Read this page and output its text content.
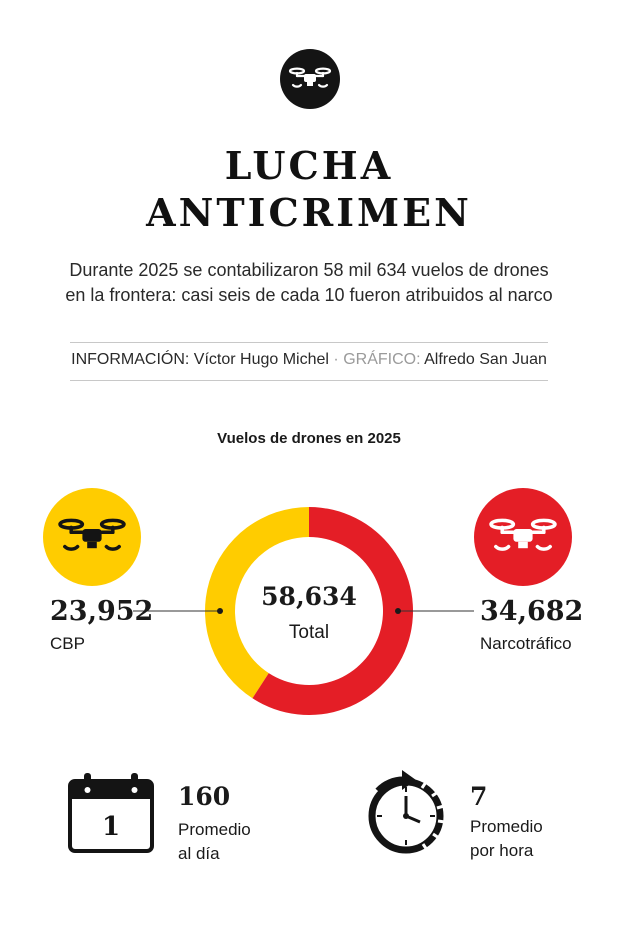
LUCHA
ANTICRIMEN
Durante 2025 se contabilizaron 58 mil 634 vuelos de drones
en la frontera: casi seis de cada 10 fueron atribuidos al narco
INFORMACIÓN: Víctor Hugo Michel · GRÁFICO: Alfredo San Juan
Vuelos de drones en 2025
58,634
Total
23,952
CBP
34,682
Narcotráfico
1
160
Promedio
al día
7
Promedio
por hora
